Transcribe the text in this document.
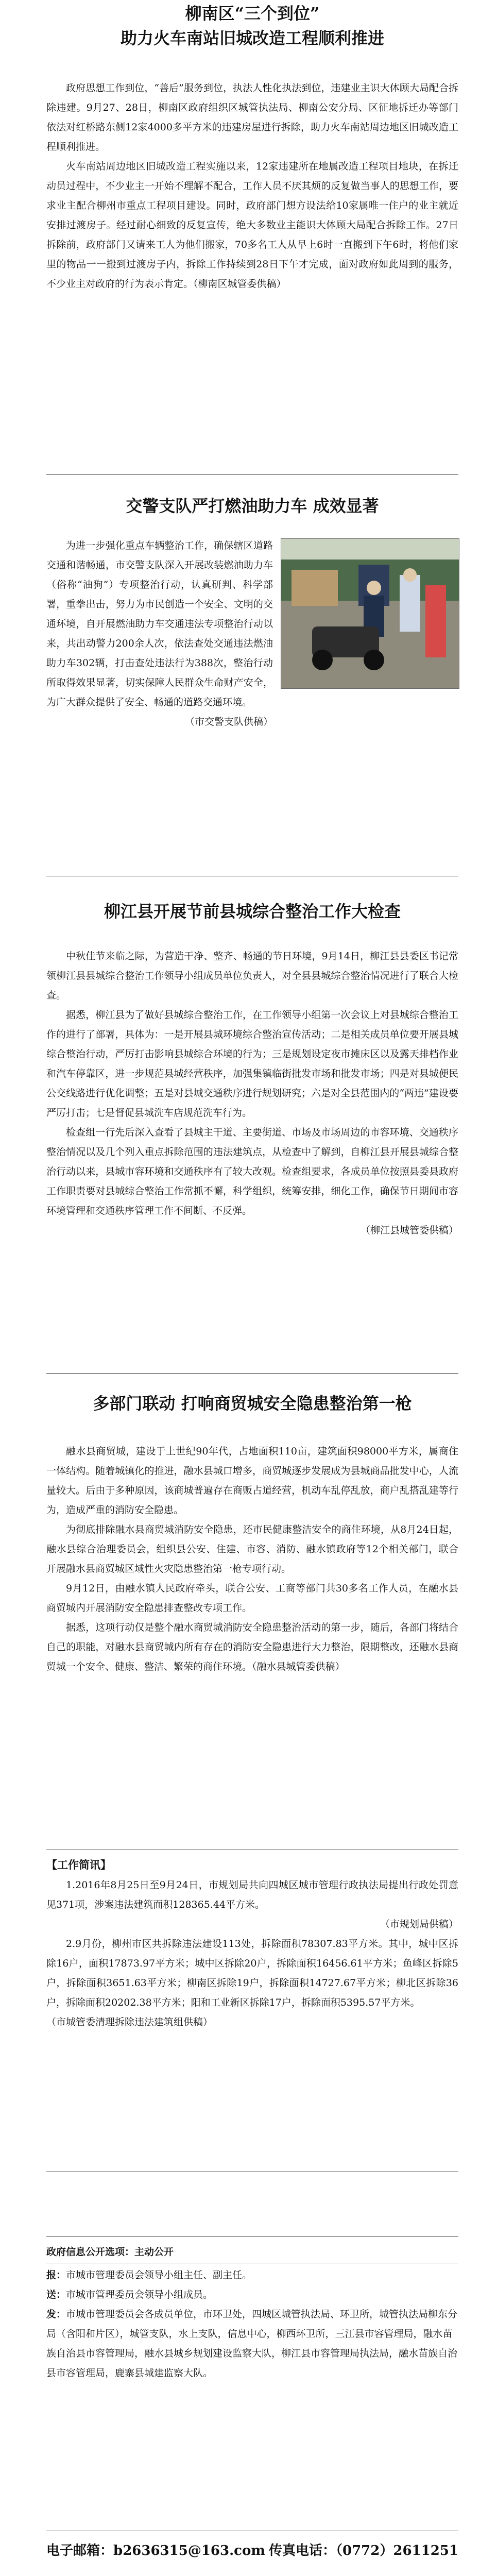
柳南区“三个到位”

助力火车南站旧城改造工程顺利推进

政府思想工作到位，“善后”服务到位，执法人性化执法到位，违建业主识大体顾大局配合拆除违建。9月27、28日，柳南区政府组织区城管执法局、柳南公安分局、区征地拆迁办等部门依法对红桥路东侧12家4000多平方米的违建房屋进行拆除，助力火车南站周边地区旧城改造工程顺利推进。

火车南站周边地区旧城改造工程实施以来，12家违建所在地属改造工程项目地块，在拆迁动员过程中，不少业主一开始不理解不配合，工作人员不厌其烦的反复做当事人的思想工作，要求业主配合柳州市重点工程项目建设。同时，政府部门想方设法给10家属唯一住户的业主就近安排过渡房子。经过耐心细致的反复宣传，绝大多数业主能识大体顾大局配合拆除工作。27日拆除前，政府部门又请来工人为他们搬家，70多名工人从早上6时一直搬到下午6时，将他们家里的物品一一搬到过渡房子内，拆除工作持续到28日下午才完成，面对政府如此周到的服务，不少业主对政府的行为表示肯定。（柳南区城管委供稿）

交警支队严打燃油助力车 成效显著

为进一步强化重点车辆整治工作，确保辖区道路交通和谐畅通，市交警支队深入开展改装燃油助力车（俗称“油狗”）专项整治行动，认真研判、科学部署，重拳出击，努力为市民创造一个安全、文明的交通环境，自开展燃油助力车交通违法专项整治行动以来，共出动警力200余人次，依法查处交通违法燃油助力车302辆，打击查处违法行为388次，整治行动所取得效果显著，切实保障人民群众生命财产安全，为广大群众提供了安全、畅通的道路交通环境。

（市交警支队供稿）

柳江县开展节前县城综合整治工作大检查

中秋佳节来临之际，为营造干净、整齐、畅通的节日环境，9月14日，柳江县县委区书记常领柳江县县城综合整治工作领导小组成员单位负责人，对全县县城综合整治情况进行了联合大检查。

据悉，柳江县为了做好县城综合整治工作，在工作领导小组第一次会议上对县城综合整治工作的进行了部署，具体为：一是开展县城环境综合整治宣传活动；二是相关成员单位要开展县城综合整治行动，严厉打击影响县城综合环境的行为；三是规划设定夜市摊床区以及露天排档作业和汽车停靠区，进一步规范县城经营秩序，加强集镇临街批发市场和批发市场；四是对县城便民公交线路进行优化调整；五是对县城交通秩序进行规划研究；六是对全县范围内的“两违”建设要严厉打击；七是督促县城洗车店规范洗车行为。

检查组一行先后深入查看了县城主干道、主要街道、市场及市场周边的市容环境、交通秩序整治情况以及几个列入重点拆除范围的违法建筑点，从检查中了解到，自柳江县开展县城综合整治行动以来，县城市容环境和交通秩序有了较大改观。检查组要求，各成员单位按照县委县政府工作职责要对县城综合整治工作常抓不懈，科学组织，统筹安排，细化工作，确保节日期间市容环境管理和交通秩序管理工作不间断、不反弹。

（柳江县城管委供稿）

多部门联动 打响商贸城安全隐患整治第一枪

融水县商贸城，建设于上世纪90年代，占地面积110亩，建筑面积98000平方米，属商住一体结构。随着城镇化的推进，融水县城口增多，商贸城逐步发展成为县城商品批发中心，人流量较大。后由于多种原因，该商城普遍存在商贩占道经营，机动车乱停乱放，商户乱搭乱建等行为，造成严重的消防安全隐患。

为彻底排除融水县商贸城消防安全隐患，还市民健康整洁安全的商住环境，从8月24日起，融水县综合治理委员会，组织县公安、住建、市容、消防、融水镇政府等12个相关部门，联合开展融水县商贸城区域性火灾隐患整治第一枪专项行动。

9月12日，由融水镇人民政府牵头，联合公安、工商等部门共30多名工作人员，在融水县商贸城内开展消防安全隐患排查整改专项工作。

据悉，这项行动仅是整个融水商贸城消防安全隐患整治活动的第一步，随后，各部门将结合自己的职能，对融水县商贸城内所有存在的消防安全隐患进行大力整治，限期整改，还融水县商贸城一个安全、健康、整洁、繁荣的商住环境。（融水县城管委供稿）

【工作简讯】

1.2016年8月25日至9月24日，市规划局共向四城区城市管理行政执法局提出行政处罚意见371项，涉案违法建筑面积128365.44平方米。

（市规划局供稿）

2.9月份，柳州市区共拆除违法建设113处，拆除面积78307.83平方米。其中，城中区拆除16户，面积17873.97平方米；城中区拆除20户，拆除面积16456.61平方米；鱼峰区拆除5户，拆除面积3651.63平方米；柳南区拆除19户，拆除面积14727.67平方米；柳北区拆除36户，拆除面积20202.38平方米；阳和工业新区拆除17户，拆除面积5395.57平方米。

（市城管委清理拆除违法建筑组供稿）

政府信息公开选项：主动公开

报：市城市管理委员会领导小组主任、副主任。

送：市城市管理委员会领导小组成员。

发：市城市管理委员会各成员单位，市环卫处，四城区城管执法局、环卫所，城管执法局柳东分局（含阳和片区），城管支队，水上支队，信息中心，柳西环卫所，三江县市容管理局，融水苗族自治县市容管理局，融水县城乡规划建设监察大队，柳江县市容管理局执法局，融水苗族自治县市容管理局，鹿寨县城建监察大队。

电子邮箱：b2636315@163.com 传真电话：（0772）2611251
